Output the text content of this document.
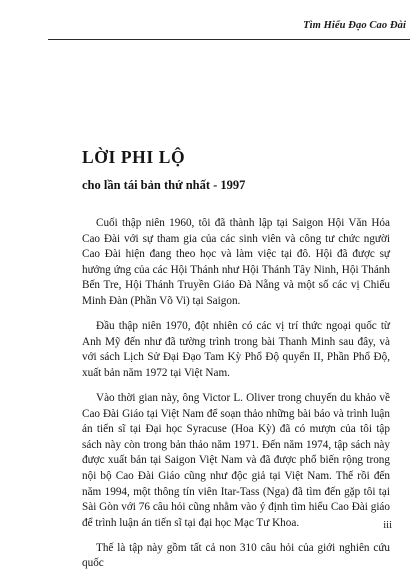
Tìm Hiểu Đạo Cao Đài
LỜI PHI LỘ
cho lần tái bản thứ nhất - 1997

Cuối thập niên 1960, tôi đã thành lập tại Saigon Hội Văn Hóa Cao Đài với sự tham gia của các sinh viên và công tư chức người Cao Đài hiện đang theo học và làm việc tại đô. Hội đã được sự hưởng ứng của các Hội Thánh như Hội Thánh Tây Ninh, Hội Thánh Bến Tre, Hội Thánh Truyền Giáo Đà Nẵng và một số các vị Chiếu Minh Đàn (Phần Võ Vi) tại Saigon.

Đầu thập niên 1970, đột nhiên có các vị trí thức ngoại quốc từ Anh Mỹ đến như đã tường trình trong bài Thanh Minh sau đây, và với sách Lịch Sử Đại Đạo Tam Kỳ Phổ Độ quyển II, Phần Phổ Độ, xuất bản năm 1972 tại Việt Nam.

Vào thời gian này, ông Victor L. Oliver trong chuyến du khảo về Cao Đài Giáo tại Việt Nam để soạn thảo những bài báo và trình luận án tiến sĩ tại Đại học Syracuse (Hoa Kỳ) đã có mượn của tôi tập sách này còn trong bản thảo năm 1971. Đến năm 1974, tập sách này được xuất bản tại Saigon Việt Nam và đã được phổ biến rộng trong nội bộ Cao Đài Giáo cũng như độc giả tại Việt Nam. Thế rồi đến năm 1994, một thông tín viên Itar-Tass (Nga) đã tìm đến gặp tôi tại Sài Gòn với 76 câu hỏi cũng nhằm vào ý định tìm hiểu Cao Đài giáo để trình luận án tiến sĩ tại đại học Mạc Tư Khoa.

Thế là tập này gồm tất cả non 310 câu hỏi của giới nghiên cứu quốc

iii
